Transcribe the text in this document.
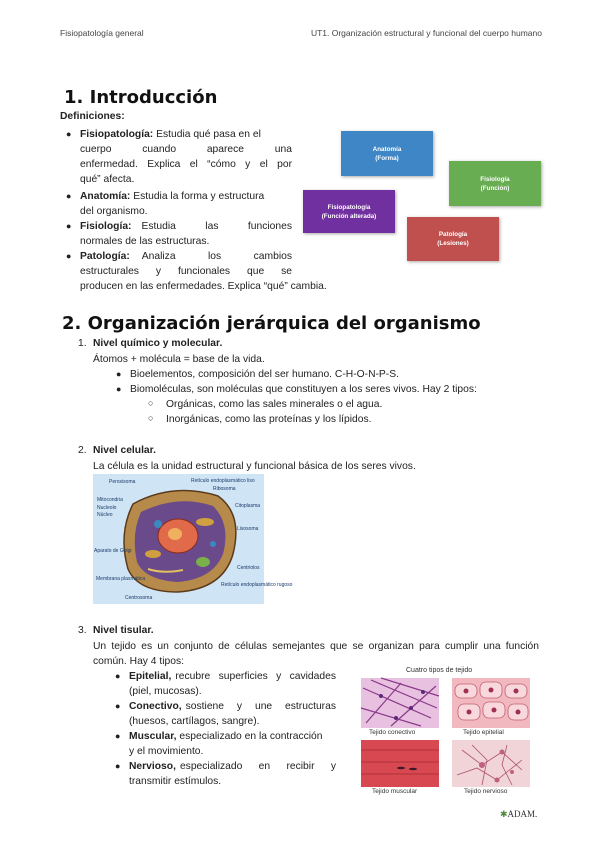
Fisiopatología general	UT1. Organización estructural y funcional del cuerpo humano
1. Introducción
Definiciones:
● Fisiopatología: Estudia qué pasa en el

cuerpo cuando aparece una
enfermedad. Explica el “cómo y el por
qué” afecta.
● Anatomía: Estudia la forma y estructura
del organismo.
● Fisiología: Estudia las funciones
normales de las estructuras.
● Patología: Analiza los cambios
estructurales y funcionales que se
producen en las enfermedades. Explica “qué” cambia.
Anatomía
(Forma)
Fisiología
(Función)
Fisiopatología
(Función alterada)
Patología
(Lesiones)
2. Organización jerárquica del organismo
1. Nivel químico y molecular.
Átomos + molécula = base de la vida.
● Bioelementos, composición del ser humano. C-H-O-N-P-S.
● Biomoléculas, son moléculas que constituyen a los seres vivos. Hay 2 tipos:
○ Orgánicas, como las sales minerales o el agua.
○ Inorgánicas, como las proteínas y los lípidos.
2. Nivel celular.
La célula es la unidad estructural y funcional básica de los seres vivos.
Peroxisoma	Retículo endoplasmático liso
Ribosoma
Mitocondria
Núcleo
Nucleolo	Citoplasma
Lisosoma
Aparato de Golgi
Centriolos
Membrana plasmática
Centrosoma
Retículo endoplasmático rugoso
3. Nivel tisular.
Un tejido es un conjunto de células semejantes que se organizan para cumplir una función
común. Hay 4 tipos:
● Epitelial, recubre superficies y cavidades
(piel, mucosas).
● Conectivo, sostiene y une estructuras
(huesos, cartílagos, sangre).
● Muscular, especializado en la contracción
y el movimiento.
● Nervioso, especializado en recibir y
transmitir estímulos.
Cuatro tipos de tejido
Tejido conectivo	Tejido epitelial
Tejido muscular	Tejido nervioso
✱ADAM.
